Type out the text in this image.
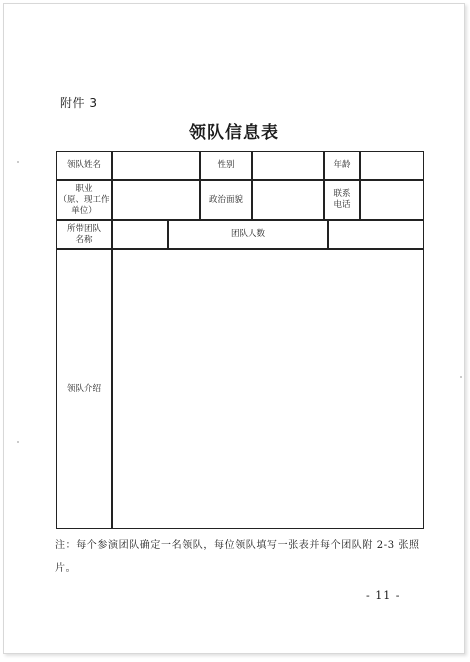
附件 3
领队信息表
领队姓名	性别	年龄
职业
（原、现工作
单位）
政治面貌
联系
电话
所带团队
名称
团队人数
领队介绍
注：每个参演团队确定一名领队，每位领队填写一张表并每个团队附 2-3 张照片。
- 11 -
